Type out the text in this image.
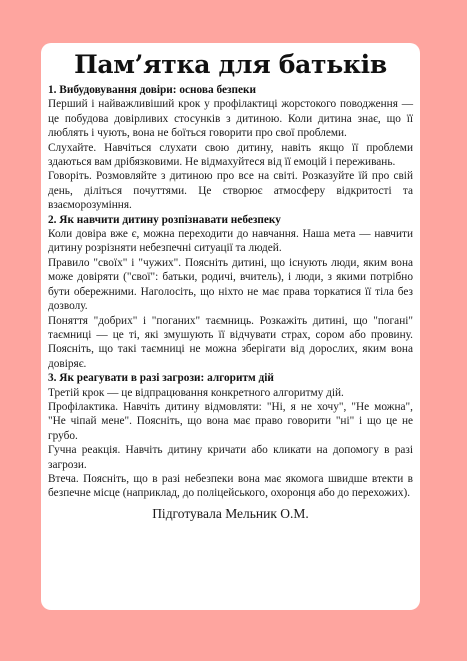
Пам’ятка для батьків
1. Вибудовування довіри: основа безпеки

Перший і найважливіший крок у профілактиці жорстокого поводження — це побудова довірливих стосунків з дитиною. Коли дитина знає, що її люблять і чують, вона не боїться говорити про свої проблеми.

Слухайте. Навчіться слухати свою дитину, навіть якщо її проблеми здаються вам дрібязковими. Не відмахуйтеся від її емоцій і переживань.

Говоріть. Розмовляйте з дитиною про все на світі. Розказуйте їй про свій день, діліться почуттями. Це створює атмосферу відкритості та взаєморозуміння.

2. Як навчити дитину розпізнавати небезпеку

Коли довіра вже є, можна переходити до навчання. Наша мета — навчити дитину розрізняти небезпечні ситуації та людей.

Правило "своїх" і "чужих". Поясніть дитині, що існують люди, яким вона може довіряти ("свої": батьки, родичі, вчитель), і люди, з якими потрібно бути обережними. Наголосіть, що ніхто не має права торкатися її тіла без дозволу.

Поняття "добрих" і "поганих" таємниць. Розкажіть дитині, що "погані" таємниці — це ті, які змушують її відчувати страх, сором або провину. Поясніть, що такі таємниці не можна зберігати від дорослих, яким вона довіряє.

3. Як реагувати в разі загрози: алгоритм дій

Третій крок — це відпрацювання конкретного алгоритму дій.

Профілактика. Навчіть дитину відмовляти: "Ні, я не хочу", "Не можна", "Не чіпай мене". Поясніть, що вона має право говорити "ні" і що це не грубо.

Гучна реакція. Навчіть дитину кричати або кликати на допомогу в разі загрози.

Втеча. Поясніть, що в разі небезпеки вона має якомога швидше втекти в безпечне місце (наприклад, до поліцейського, охоронця або до перехожих).

Підготувала Мельник О.М.
